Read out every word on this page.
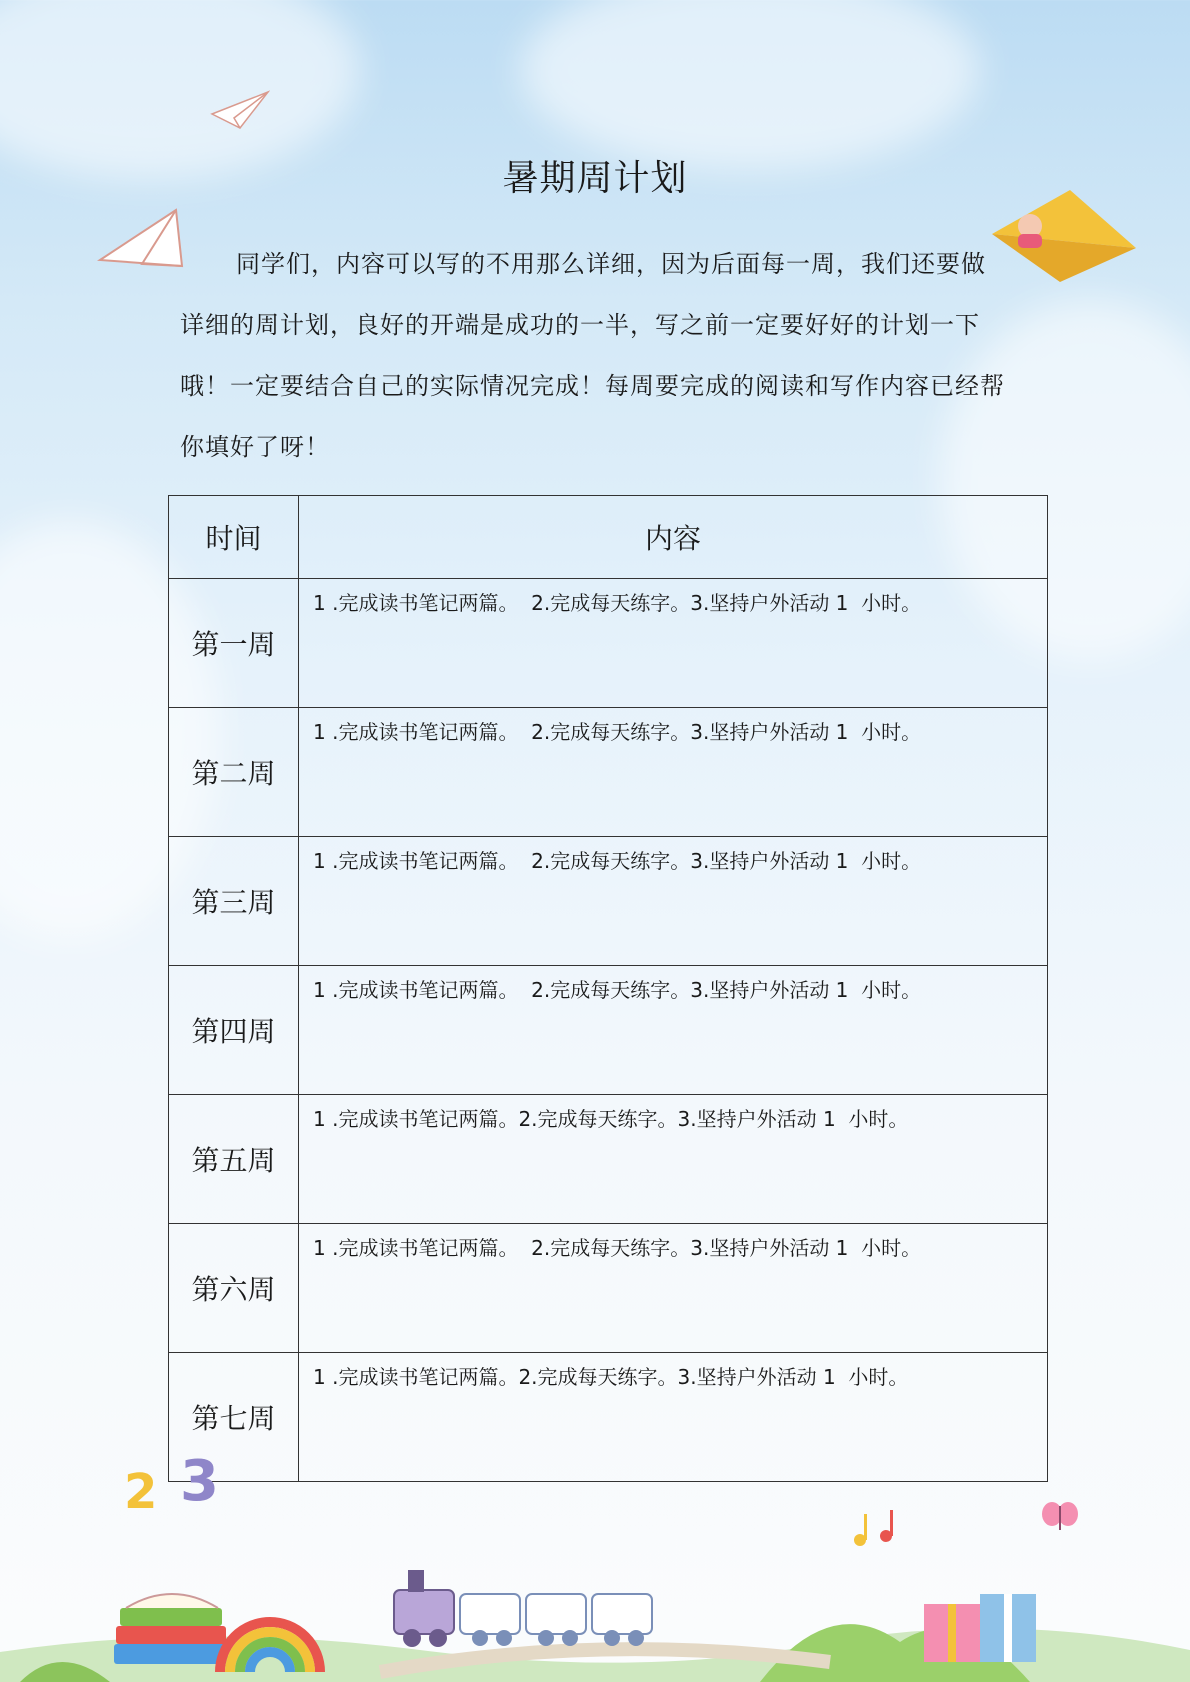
暑期周计划

同学们，内容可以写的不用那么详细，因为后面每一周，我们还要做详细的周计划，良好的开端是成功的一半，写之前一定要好好的计划一下哦！一定要结合自己的实际情况完成！每周要完成的阅读和写作内容已经帮你填好了呀！

时间	内容
第一周	1 .完成读书笔记两篇。  2.完成每天练字。3.坚持户外活动 1  小时。
第二周	1 .完成读书笔记两篇。  2.完成每天练字。3.坚持户外活动 1  小时。
第三周	1 .完成读书笔记两篇。  2.完成每天练字。3.坚持户外活动 1  小时。
第四周	1 .完成读书笔记两篇。  2.完成每天练字。3.坚持户外活动 1  小时。
第五周	1 .完成读书笔记两篇。2.完成每天练字。3.坚持户外活动 1  小时。
第六周	1 .完成读书笔记两篇。  2.完成每天练字。3.坚持户外活动 1  小时。
第七周	1 .完成读书笔记两篇。2.完成每天练字。3.坚持户外活动 1  小时。
2 3
